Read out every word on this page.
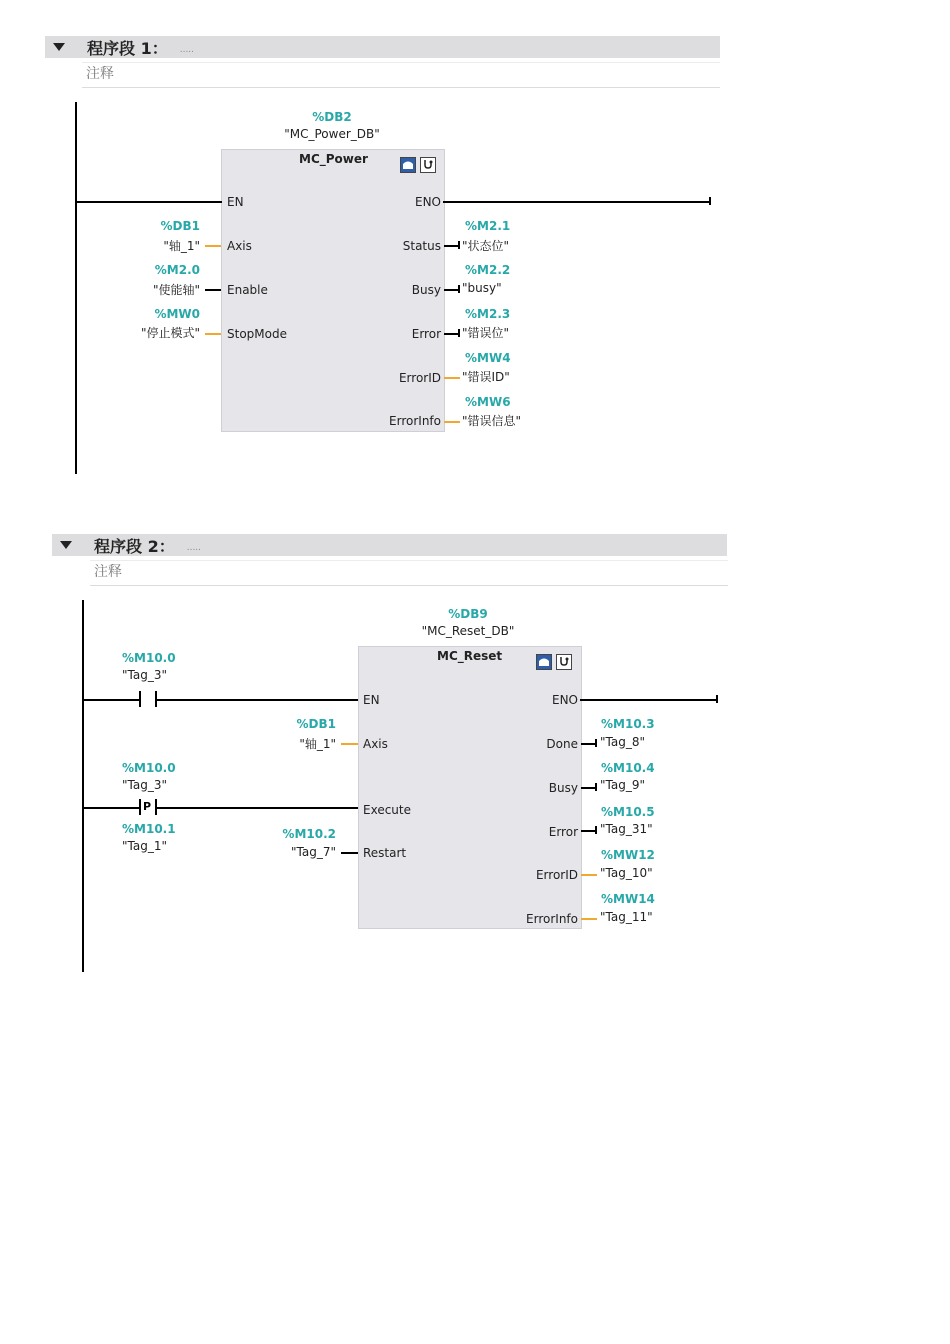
程序段 1： .....
注释
%DB2
"MC_Power_DB"
MC_Power
EN	ENO
Axis
Enable
StopMode
Status
Busy
Error
ErrorID
ErrorInfo
%DB1
"轴_1"
%M2.0
"使能轴"
%MW0
"停止模式"
%M2.1
"状态位"
%M2.2
"busy"
%M2.3
"错误位"
%MW4
"错误ID"
%MW6
"错误信息"
程序段 2： .....
注释
%M10.0
"Tag_3"
%M10.0
"Tag_3"
P
%M10.1
"Tag_1"
%DB9
"MC_Reset_DB"
MC_Reset
EN	ENO
Axis
Execute
Restart
Done
Busy
Error
ErrorID
ErrorInfo
%DB1
"轴_1"
%M10.2
"Tag_7"
%M10.3
"Tag_8"
%M10.4
"Tag_9"
%M10.5
"Tag_31"
%MW12
"Tag_10"
%MW14
"Tag_11"
